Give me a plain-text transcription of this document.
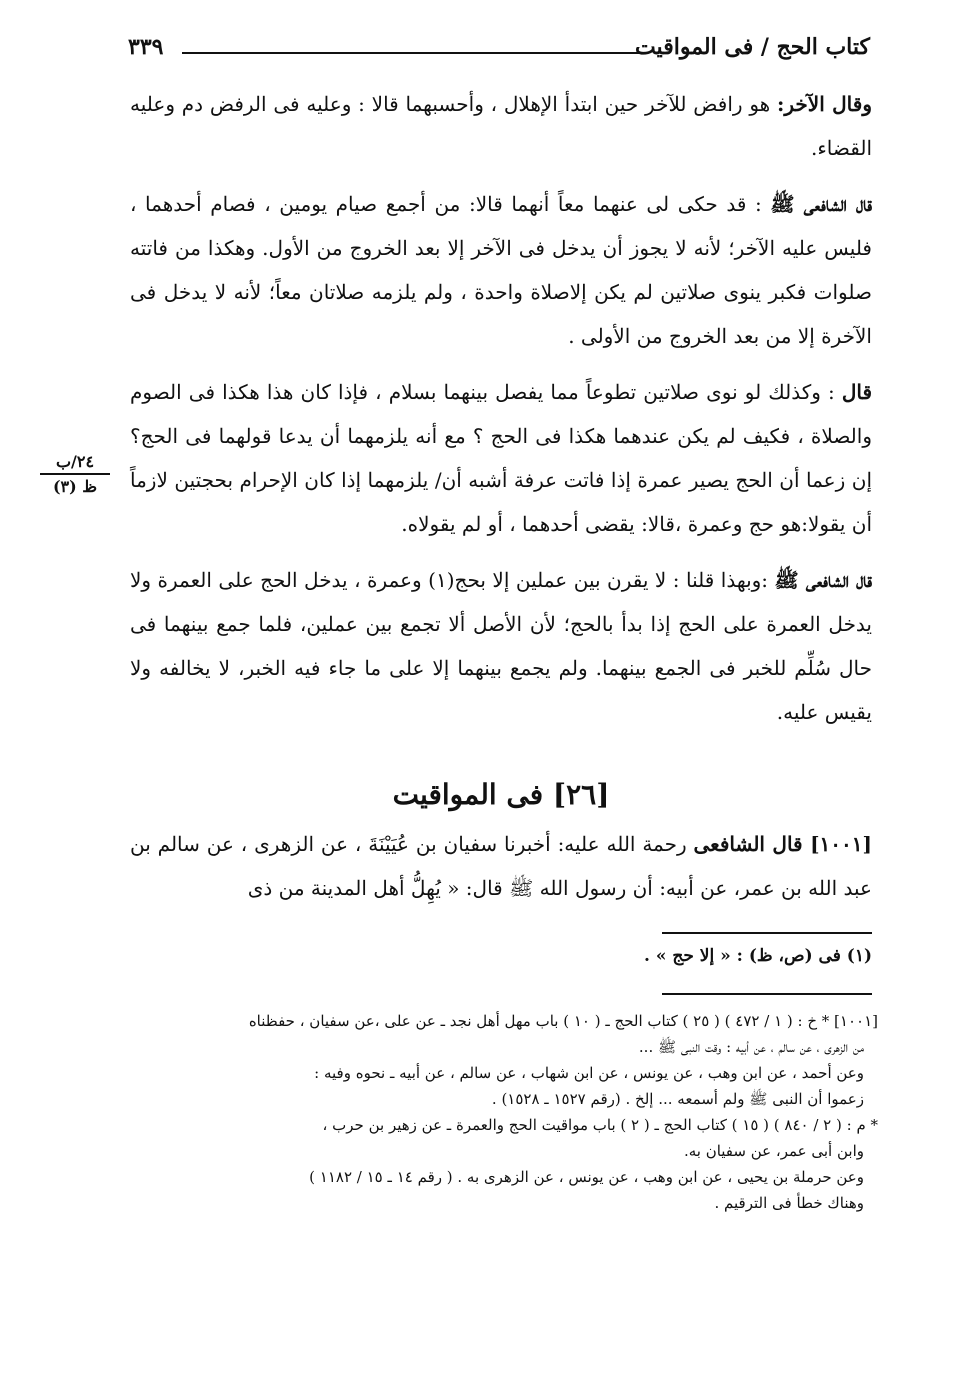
كتاب الحج / فى المواقيت
٣٣٩

وقال الآخر: هو رافض للآخر حين ابتدأ الإهلال ، وأحسبهما قالا : وعليه فى الرفض دم وعليه القضاء.

قال الشافعى ﷺ : قد حكى لى عنهما معاً أنهما قالا: من أجمع صيام يومين ، فصام أحدهما ، فليس عليه الآخر؛ لأنه لا يجوز أن يدخل فى الآخر إلا بعد الخروج من الأول. وهكذا من فاتته صلوات فكبر ينوى صلاتين لم يكن إلاصلاة واحدة ، ولم يلزمه صلاتان معاً؛ لأنه لا يدخل فى الآخرة إلا من بعد الخروج من الأولى .

قال : وكذلك لو نوى صلاتين تطوعاً مما يفصل بينهما بسلام ، فإذا كان هذا هكذا فى الصوم والصلاة ، فكيف لم يكن عندهما هكذا فى الحج ؟ مع أنه يلزمهما أن يدعا قولهما فى الحج؟ إن زعما أن الحج يصير عمرة إذا فاتت عرفة أشبه أن/ يلزمهما إذا كان الإحرام بحجتين لازماً أن يقولا:هو حج وعمرة ،قالا: يقضى أحدهما ، أو لم يقولاه.

قال الشافعى ﷺ :وبهذا قلنا : لا يقرن بين عملين إلا بحج(١) وعمرة ، يدخل الحج على العمرة ولا يدخل العمرة على الحج إذا بدأ بالحج؛ لأن الأصل ألا تجمع بين عملين، فلما جمع بينهما فى حال سُلِّم للخبر فى الجمع بينهما. ولم يجمع بينهما إلا على ما جاء فيه الخبر، لا يخالفه ولا يقيس عليه.

٢٤/ب
ظ (٣)
[٢٦] فى المواقيت
[١٠٠١] قال الشافعى رحمة الله عليه: أخبرنا سفيان بن عُيَيْنَةَ ، عن الزهرى ، عن سالم بن عبد الله بن عمر، عن أبيه: أن رسول الله ﷺ قال: « يُهِلُّ أهل المدينة من ذى
(١) فى (ص، ظ) : « إلا حج » .

[١٠٠١] * خ : ( ١ / ٤٧٢ ) ( ٢٥ ) كتاب الحج ـ ( ١٠ ) باب مهل أهل نجد ـ عن على ،عن سفيان ، حفظناه

من الزهرى ، عن سالم ، عن أبيه : وقت النبى ﷺ ...

وعن أحمد ، عن ابن وهب ، عن يونس ، عن ابن شهاب ، عن سالم ، عن أبيه ـ نحوه وفيه :

زعموا أن النبى ﷺ ولم أسمعه ... إلخ . (رقم ١٥٢٧ ـ ١٥٢٨) .

* م : ( ٢ / ٨٤٠ ) ( ١٥ ) كتاب الحج ـ ( ٢ ) باب مواقيت الحج والعمرة ـ عن زهير بن حرب ،

وابن أبى عمر، عن سفيان به.

وعن حرملة بن يحيى ، عن ابن وهب ، عن يونس ، عن الزهرى به . ( رقم ١٤ ـ ١٥ / ١١٨٢ )

وهناك خطأ فى الترقيم .
